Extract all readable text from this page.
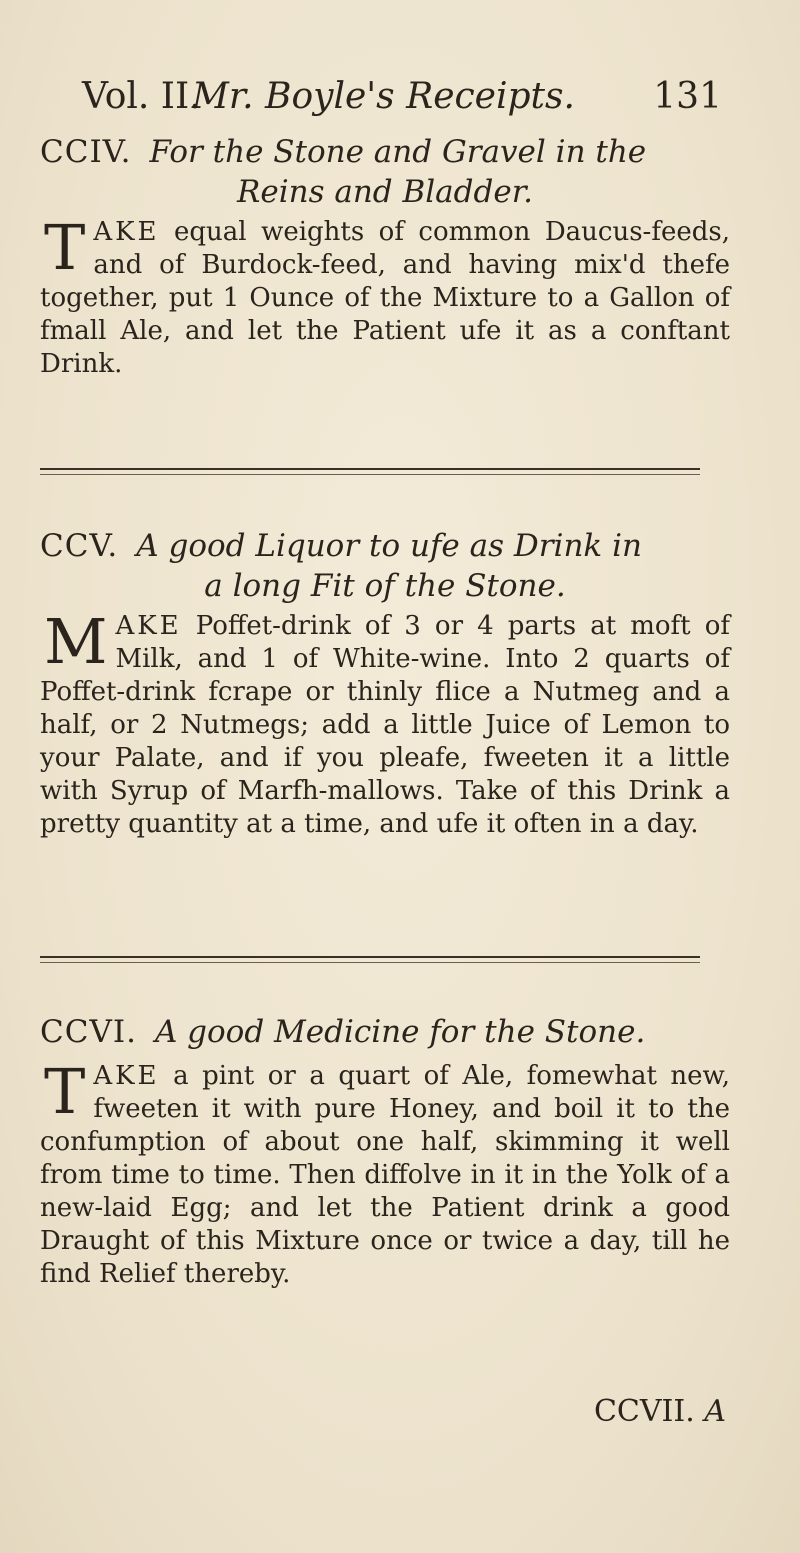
Vol. II.
Mr. Boyle's Receipts. 131
CCIV. For the Stone and Gravel in the
Reins and Bladder.

TAKE equal weights of common Daucus-feeds, and of Burdock-feed, and having mix'd thefe together, put 1 Ounce of the Mixture to a Gallon of fmall Ale, and let the Patient ufe it as a conftant Drink.

CCV. A good Liquor to ufe as Drink in
a long Fit of the Stone.

MAKE Poffet-drink of 3 or 4 parts at moft of Milk, and 1 of White-wine. Into 2 quarts of Poffet-drink fcrape or thinly flice a Nutmeg and a half, or 2 Nutmegs; add a little Juice of Lemon to your Palate, and if you pleafe, fweeten it a little with Syrup of Marfh-mallows. Take of this Drink a pretty quantity at a time, and ufe it often in a day.

CCVI. A good Medicine for the Stone.

TAKE a pint or a quart of Ale, fomewhat new, fweeten it with pure Honey, and boil it to the confumption of about one half, skimming it well from time to time. Then diffolve in it in the Yolk of a new-laid Egg; and let the Patient drink a good Draught of this Mixture once or twice a day, till he find Relief thereby.

CCVII. A
